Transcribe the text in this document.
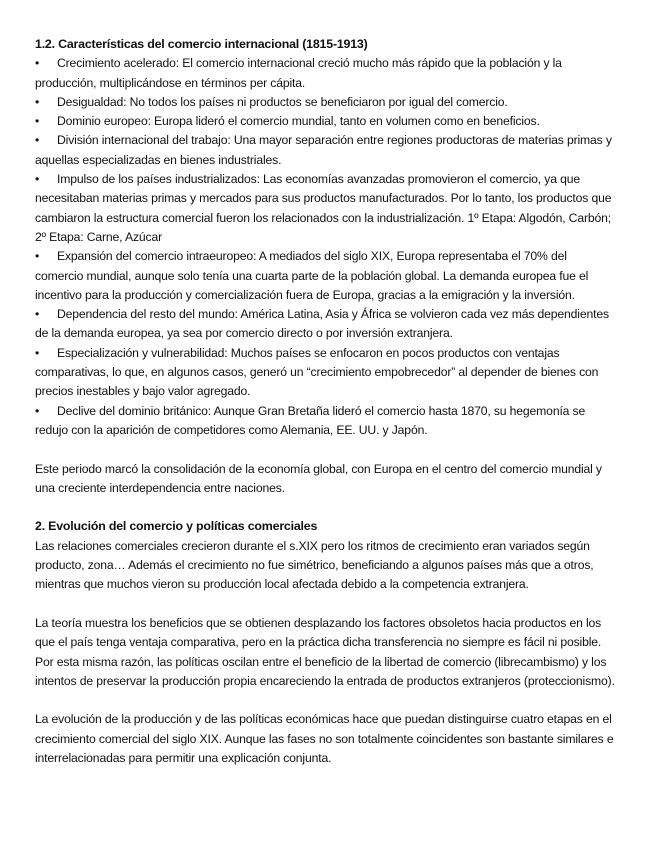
1.2. Características del comercio internacional (1815-1913)
• Crecimiento acelerado: El comercio internacional creció mucho más rápido que la población y la producción, multiplicándose en términos per cápita.
• Desigualdad: No todos los países ni productos se beneficiaron por igual del comercio.
• Dominio europeo: Europa lideró el comercio mundial, tanto en volumen como en beneficios.
• División internacional del trabajo: Una mayor separación entre regiones productoras de materias primas y aquellas especializadas en bienes industriales.
• Impulso de los países industrializados: Las economías avanzadas promovieron el comercio, ya que necesitaban materias primas y mercados para sus productos manufacturados. Por lo tanto, los productos que cambiaron la estructura comercial fueron los relacionados con la industrialización. 1º Etapa: Algodón, Carbón; 2º Etapa: Carne, Azúcar
• Expansión del comercio intraeuropeo: A mediados del siglo XIX, Europa representaba el 70% del comercio mundial, aunque solo tenía una cuarta parte de la población global. La demanda europea fue el incentivo para la producción y comercialización fuera de Europa, gracias a la emigración y la inversión.
• Dependencia del resto del mundo: América Latina, Asia y África se volvieron cada vez más dependientes de la demanda europea, ya sea por comercio directo o por inversión extranjera.
• Especialización y vulnerabilidad: Muchos países se enfocaron en pocos productos con ventajas comparativas, lo que, en algunos casos, generó un “crecimiento empobrecedor” al depender de bienes con precios inestables y bajo valor agregado.
• Declive del dominio británico: Aunque Gran Bretaña lideró el comercio hasta 1870, su hegemonía se redujo con la aparición de competidores como Alemania, EE. UU. y Japón.

Este periodo marcó la consolidación de la economía global, con Europa en el centro del comercio mundial y una creciente interdependencia entre naciones.

2. Evolución del comercio y políticas comerciales

Las relaciones comerciales crecieron durante el s.XIX pero los ritmos de crecimiento eran variados según producto, zona… Además el crecimiento no fue simétrico, beneficiando a algunos países más que a otros, mientras que muchos vieron su producción local afectada debido a la competencia extranjera.

La teoría muestra los beneficios que se obtienen desplazando los factores obsoletos hacia productos en los que el país tenga ventaja comparativa, pero en la práctica dicha transferencia no siempre es fácil ni posible. Por esta misma razón, las políticas oscilan entre el beneficio de la libertad de comercio (librecambismo) y los intentos de preservar la producción propia encareciendo la entrada de productos extranjeros (proteccionismo).

La evolución de la producción y de las políticas económicas hace que puedan distinguirse cuatro etapas en el crecimiento comercial del siglo XIX. Aunque las fases no son totalmente coincidentes son bastante similares e interrelacionadas para permitir una explicación conjunta.
